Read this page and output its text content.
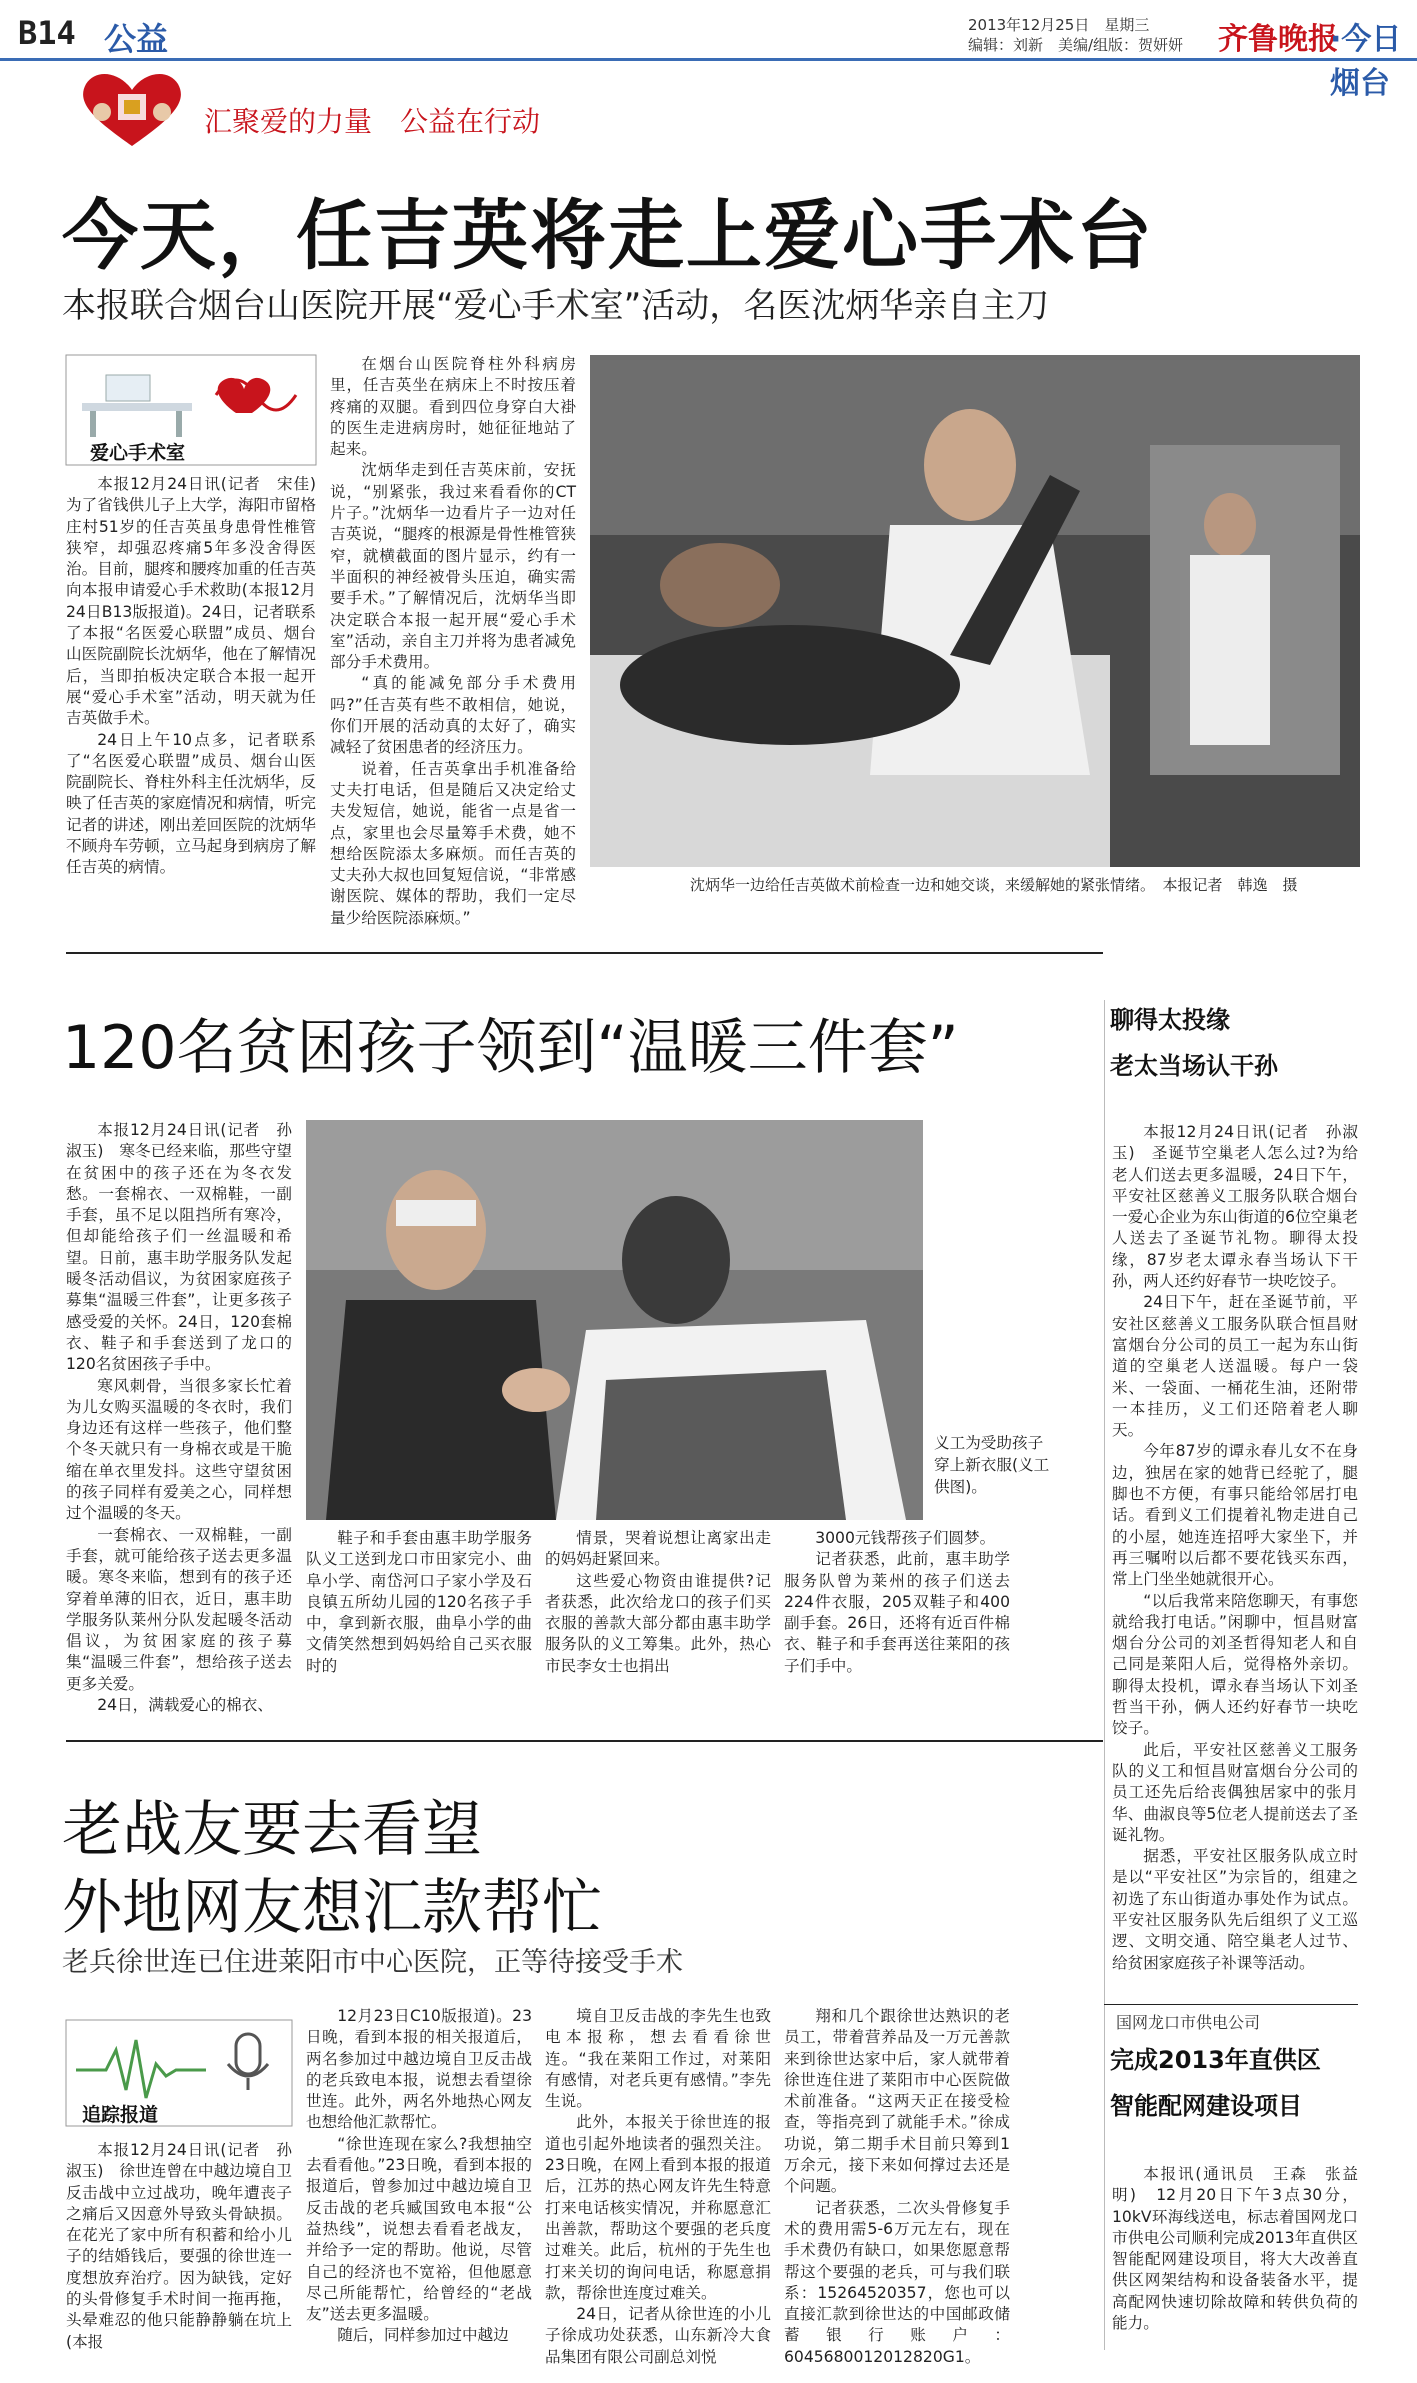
B14 公益	2013年12月25日　星期三
编辑：刘新　美编/组版：贺妍妍 齐鲁晚报
·今日烟台
汇聚爱的力量　公益在行动
今天，任吉英将走上爱心手术台
本报联合烟台山医院开展“爱心手术室”活动，名医沈炳华亲自主刀
爱心手术室

本报12月24日讯(记者　宋佳)　为了省钱供儿子上大学，海阳市留格庄村51岁的任吉英虽身患骨性椎管狭窄，却强忍疼痛5年多没舍得医治。目前，腿疼和腰疼加重的任吉英向本报申请爱心手术救助(本报12月24日B13版报道)。24日，记者联系了本报“名医爱心联盟”成员、烟台山医院副院长沈炳华，他在了解情况后，当即拍板决定联合本报一起开展“爱心手术室”活动，明天就为任吉英做手术。

24日上午10点多，记者联系了“名医爱心联盟”成员、烟台山医院副院长、脊柱外科主任沈炳华，反映了任吉英的家庭情况和病情，听完记者的讲述，刚出差回医院的沈炳华不顾舟车劳顿，立马起身到病房了解任吉英的病情。

在烟台山医院脊柱外科病房里，任吉英坐在病床上不时按压着疼痛的双腿。看到四位身穿白大褂的医生走进病房时，她征征地站了起来。

沈炳华走到任吉英床前，安抚说，“别紧张，我过来看看你的CT片子。”沈炳华一边看片子一边对任吉英说，“腿疼的根源是骨性椎管狭窄，就横截面的图片显示，约有一半面积的神经被骨头压迫，确实需要手术。”了解情况后，沈炳华当即决定联合本报一起开展“爱心手术室”活动，亲自主刀并将为患者减免部分手术费用。

“真的能减免部分手术费用吗?”任吉英有些不敢相信，她说，你们开展的活动真的太好了，确实减轻了贫困患者的经济压力。

说着，任吉英拿出手机准备给丈夫打电话，但是随后又决定给丈夫发短信，她说，能省一点是省一点，家里也会尽量筹手术费，她不想给医院添太多麻烦。而任吉英的丈夫孙大叔也回复短信说，“非常感谢医院、媒体的帮助，我们一定尽量少给医院添麻烦。”

沈炳华一边给任吉英做术前检查一边和她交谈，来缓解她的紧张情绪。　本报记者　韩逸　摄
120名贫困孩子领到“温暖三件套”

本报12月24日讯(记者　孙淑玉)　寒冬已经来临，那些守望在贫困中的孩子还在为冬衣发愁。一套棉衣、一双棉鞋，一副手套，虽不足以阻挡所有寒冷，但却能给孩子们一丝温暖和希望。日前，惠丰助学服务队发起暖冬活动倡议，为贫困家庭孩子募集“温暖三件套”，让更多孩子感受爱的关怀。24日，120套棉衣、鞋子和手套送到了龙口的120名贫困孩子手中。

寒风刺骨，当很多家长忙着为儿女购买温暖的冬衣时，我们身边还有这样一些孩子，他们整个冬天就只有一身棉衣或是干脆缩在单衣里发抖。这些守望贫困的孩子同样有爱美之心，同样想过个温暖的冬天。

一套棉衣、一双棉鞋，一副手套，就可能给孩子送去更多温暖。寒冬来临，想到有的孩子还穿着单薄的旧衣，近日，惠丰助学服务队莱州分队发起暖冬活动倡议，为贫困家庭的孩子募集“温暖三件套”，想给孩子送去更多关爱。

24日，满载爱心的棉衣、

义工为受助孩子穿上新衣服(义工供图)。

鞋子和手套由惠丰助学服务队义工送到龙口市田家完小、曲阜小学、南岱河口子家小学及石良镇五所幼儿园的120名孩子手中，拿到新衣服，曲阜小学的曲文倩笑然想到妈妈给自己买衣服时的

情景，哭着说想让离家出走的妈妈赶紧回来。

这些爱心物资由谁提供?记者获悉，此次给龙口的孩子们买衣服的善款大部分都由惠丰助学服务队的义工筹集。此外，热心市民李女士也捐出

3000元钱帮孩子们圆梦。

记者获悉，此前，惠丰助学服务队曾为莱州的孩子们送去224件衣服，205双鞋子和400副手套。26日，还将有近百件棉衣、鞋子和手套再送往莱阳的孩子们手中。

聊得太投缘
老太当场认干孙

本报12月24日讯(记者　孙淑玉)　圣诞节空巢老人怎么过?为给老人们送去更多温暖，24日下午，平安社区慈善义工服务队联合烟台一爱心企业为东山街道的6位空巢老人送去了圣诞节礼物。聊得太投缘，87岁老太谭永春当场认下干孙，两人还约好春节一块吃饺子。

24日下午，赶在圣诞节前，平安社区慈善义工服务队联合恒昌财富烟台分公司的员工一起为东山街道的空巢老人送温暖。每户一袋米、一袋面、一桶花生油，还附带一本挂历，义工们还陪着老人聊天。

今年87岁的谭永春儿女不在身边，独居在家的她背已经驼了，腿脚也不方便，有事只能给邻居打电话。看到义工们提着礼物走进自己的小屋，她连连招呼大家坐下，并再三嘱咐以后都不要花钱买东西，常上门坐坐她就很开心。

“以后我常来陪您聊天，有事您就给我打电话。”闲聊中，恒昌财富烟台分公司的刘圣哲得知老人和自己同是莱阳人后，觉得格外亲切。聊得太投机，谭永春当场认下刘圣哲当干孙，俩人还约好春节一块吃饺子。

此后，平安社区慈善义工服务队的义工和恒昌财富烟台分公司的员工还先后给丧偶独居家中的张月华、曲淑良等5位老人提前送去了圣诞礼物。

据悉，平安社区服务队成立时是以“平安社区”为宗旨的，组建之初选了东山街道办事处作为试点。平安社区服务队先后组织了义工巡逻、文明交通、陪空巢老人过节、给贫困家庭孩子补课等活动。

国网龙口市供电公司
完成2013年直供区
智能配网建设项目

本报讯(通讯员　王森　张益明)　12月20日下午3点30分，10kV环海线送电，标志着国网龙口市供电公司顺利完成2013年直供区智能配网建设项目，将大大改善直供区网架结构和设备装备水平，提高配网快速切除故障和转供负荷的能力。

老战友要去看望
外地网友想汇款帮忙
老兵徐世连已住进莱阳市中心医院，正等待接受手术
追踪报道

本报12月24日讯(记者　孙淑玉)　徐世连曾在中越边境自卫反击战中立过战功，晚年遭丧子之痛后又因意外导致头骨缺损。在花光了家中所有积蓄和给小儿子的结婚钱后，要强的徐世连一度想放弃治疗。因为缺钱，定好的头骨修复手术时间一拖再拖，头晕难忍的他只能静静躺在坑上(本报

12月23日C10版报道)。23日晚，看到本报的相关报道后，两名参加过中越边境自卫反击战的老兵致电本报，说想去看望徐世连。此外，两名外地热心网友也想给他汇款帮忙。

“徐世连现在家么?我想抽空去看看他。”23日晚，看到本报的报道后，曾参加过中越边境自卫反击战的老兵臧国致电本报“公益热线”，说想去看看老战友，并给予一定的帮助。他说，尽管自己的经济也不宽裕，但他愿意尽己所能帮忙，给曾经的“老战友”送去更多温暖。

随后，同样参加过中越边

境自卫反击战的李先生也致电本报称，想去看看徐世连。“我在莱阳工作过，对莱阳有感情，对老兵更有感情。”李先生说。

此外，本报关于徐世连的报道也引起外地读者的强烈关注。23日晚，在网上看到本报的报道后，江苏的热心网友许先生特意打来电话核实情况，并称愿意汇出善款，帮助这个要强的老兵度过难关。此后，杭州的于先生也打来关切的询问电话，称愿意捐款，帮徐世连度过难关。

24日，记者从徐世连的小儿子徐成功处获悉，山东新冷大食品集团有限公司副总刘悦

翔和几个跟徐世达熟识的老员工，带着营养品及一万元善款来到徐世达家中后，家人就带着徐世连住进了莱阳市中心医院做术前准备。“这两天正在接受检查，等指亮到了就能手术。”徐成功说，第二期手术目前只筹到1万余元，接下来如何撑过去还是个问题。

记者获悉，二次头骨修复手术的费用需5-6万元左右，现在手术费仍有缺口，如果您愿意帮帮这个要强的老兵，可与我们联系：15264520357，您也可以直接汇款到徐世达的中国邮政储蓄银行账户：6045680012012820G1。
